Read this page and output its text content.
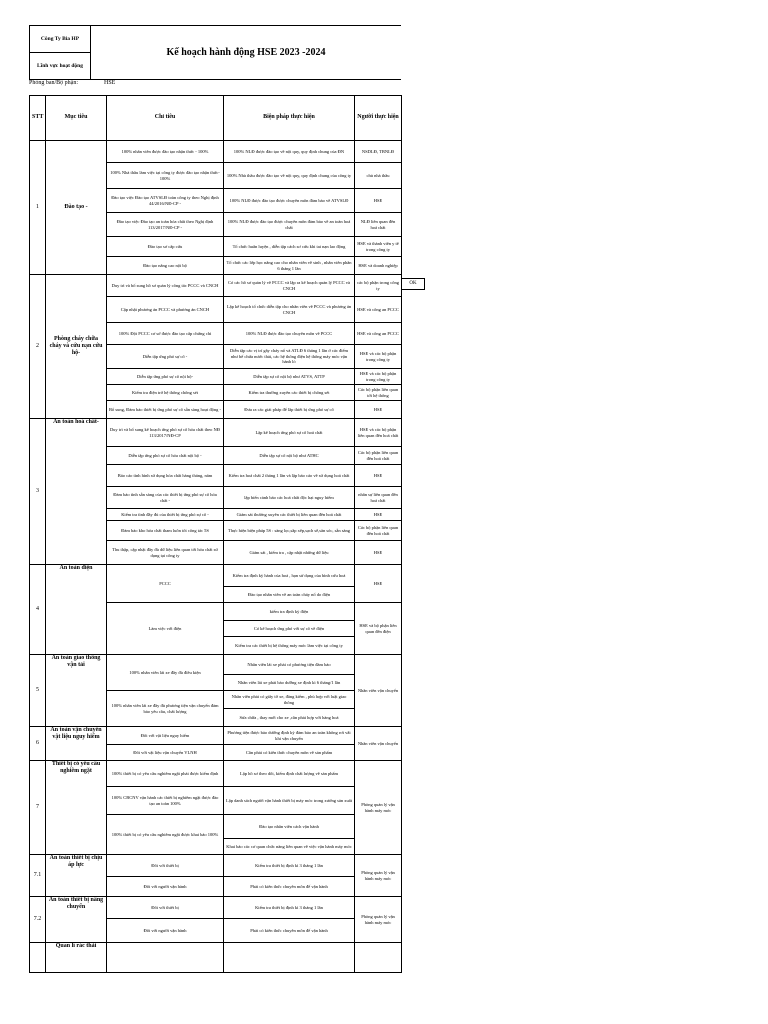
Công Ty Bia HP	Kế hoạch hành động HSE 2023 -2024
Lĩnh vực hoạt động
Phòng ban/Bộ phận:	HSE
STT	Mục tiêu	Chỉ tiêu	Biện pháp thực hiện	Người thực hiện
1	Đào tạo -	100% nhân viên được đào tạo nhận thức - 100%	100% NLĐ được đào tạo về nội quy, quy định chung của ĐN	NSDLĐ, TBNLĐ
		100% Nhà thầu làm việc tại công ty được đào tạo nhận thức- 100%	100% Nhà thầu được đào tạo về nội quy, quy định chung của công ty	chủ nhà thầu
		Đào tạo việc Đào tạo ATVSLĐ toàn công ty theo Nghị định 44/2016/NĐ-CP -	100% NLĐ được đào tạo được chuyên môn đảm bảo về ATVSLĐ	HSE
		Đào tạo việc Đào tạo an toàn hóa chất theo Nghị định 113/2017/NĐ-CP -	100% NLĐ được đào tạo được chuyên môn đảm bảo về an toàn hoá chất	NLĐ liên quan đến hoá chất
		Đào tạo sơ cấp cứu	Tổ chức huấn luyện , diễn tập cách sơ cứu khi tai nạn lao động	HSE và thành viên y tế trong công ty
		Đào tạo nâng cao nội bộ	Tổ chức các lớp học nâng cao cho nhân viên về sinh , nhân viên phân 6 tháng 1 lần	HSE và doanh nghiệp
2	Phòng cháy chữa cháy và cứu nạn cứu hộ-	Duy trì và bổ sung hồ sơ quản lý công tác PCCC và CNCH	Có các hồ sơ quản lý về PCCC và lập ra kế hoạch quản lý PCCC và CNCH	các bộ phận trong công ty
		Cập nhật phương án PCCC và phương án CNCH	Lập kế hoạch tổ chức diễn tập cho nhân viên về PCCC và phương án CNCH	HSE và công an PCCC
		100% Đội PCCC cơ sở được đào tạo cấp chứng chỉ	100% NLĐ được đào tạo chuyên môn về PCCC	HSE và công an PCCC
		Diễn tập ứng phó sự cố -	Diễn tập các vị trí gây cháy nổ và ATLĐ 6 tháng 1 lần ở các điểm như bể chứa nước thải, các hệ thống điện hệ thống máy móc vận hành lò	HSE và các bộ phận trong công ty
		Diễn tập ứng phó sự cố nội bộ-	Diễn tập sự cố nội bộ như ATVS, ATTP	HSE và các bộ phận trong công ty
		Kiểm tra điện trở hệ thống chống sét	Kiểm tra thường xuyên các thiết bị chống sét	Các bộ phận liên quan tới hệ thống
		Bổ sung, Đảm bảo thiết bị ứng phó sự cố sẵn sàng hoạt động -	Đưa ra các giải pháp để lắp thiết bị ứng phó sự cố	HSE
3	An toàn hoá chất-	Duy trì và bổ sung kế hoạch ứng phó sự cố hóa chất theo NĐ 113/2017/NĐ-CP	Lập kế hoạch ứng phó sự cố hoá chất	HSE và các bộ phận liên quan đến hoá chất
		Diễn tập ứng phó sự cố hóa chất nội bộ -	Diễn tập sự cố nội bộ như ATHC	Các bộ phận liên quan đến hoá chất
		Báo cáo tình hình sử dụng hóa chất hàng tháng, năm	Kiểm tra hoá chất 2 tháng 1 lần và lập báo cáo về sử dụng hoá chất	HSE
		Đảm bảo tình sẵn sàng của các thiết bị ứng phó sự cố hóa chất -	lập biển cảnh báo các hoá chất độc hại nguy hiểm	nhân sự liên quan đến hoá chất
		Kiểm tra tình đầy đủ của thiết bị ứng phó sự cố -	Giám sát thường xuyên các thiết bị liên quan đến hoá chất	HSE
		Đảm bảo kho hóa chất tham luôn tốt công tác 5S	Thực hiện biện pháp 5S : sàng lọc,sắp xếp,sạch sẽ,săn sóc, sẵn sàng	Các bộ phận liên quan đến hoá chất
		Thu thập, cập nhật đầy đủ dữ liệu liên quan tới hóa chất sử dụng tại công ty	Giám sát , kiểm tra , cập nhật những dữ liệu	HSE
4	An toàn điện	PCCC	Kiểm tra định kỳ hành của hoả , hạn sử dụng của bình cứu hoả	HSE
			Đào tạo nhân viên về an toàn cháy nổ do điện	
		Làm việc với điện	kiểm tra định kỳ điện	HSE và bộ phận liên quan đến điện
			Có kế hoạch ứng phó với sự cố về điện	
			Kiểm tra các thiết bị hệ thống máy móc làm việc tại công ty	
5	An toàn giao thông vận tải	100% nhân viên lái xe đầy đủ điều kiện	Nhân viên lái xe phải có phương tiện đảm bảo	Nhân viên vận chuyển
			Nhân viên lái xe phải bảo dưỡng xe định kì 6 tháng/1 lần	
		100% nhân viên lái xe đầy đủ phương tiện vận chuyển đảm bảo yêu cầu, chất lượng	Nhân viên phải có giấy tờ xe, đăng kiểm , phù hợp với luật giao thông	
			Sửa chữa , thay mới cho xe ,cần phải hợp với hàng hoá	
6	An toàn vận chuyển vật liệu nguy hiểm	Đối với vật liệu nguy hiểm	Phương tiện được bảo dưỡng định kỳ đảm bảo an toàn không rơi vãi khi vận chuyển	Nhân viên vận chuyển
		Đối với vật liệu vận chuyển VLNH	Cần phải có kiến thức chuyên môn về sản phẩm	
7	Thiết bị có yêu cầu nghiêm ngặt	100% thiết bị có yêu cầu nghiêm ngặt phải được kiểm định	Lập hồ sơ theo dõi, kiểm định chất lượng về sản phẩm	Phòng quản lý vận hành máy móc
		100% CBCNV vận hành các thiết bị nghiêm ngặt được đào tạo an toàn 100%	Lập danh sách người vận hành thiết bị máy móc trong xưởng sản xuất	
		100% thiết bị có yêu cầu nghiêm ngặt được khai báo 100%	Đào tạo nhân viên cách vận hành	
			Khai báo các cơ quan chức năng liên quan về việc vận hành máy móc	
7.1	An toàn thiết bị chịu áp lực	Đối với thiết bị	Kiểm tra thiết bị định kì 3 tháng 1 lần	Phòng quản lý vận hành máy móc
		Đối với người vận hành	Phải có kiến thức chuyên môn để vận hành	
7.2	An toàn thiết bị nâng chuyển	Đối với thiết bị	Kiểm tra thiết bị định kì 3 tháng 1 lần	Phòng quản lý vận hành máy móc
		Đối với người vận hành	Phải có kiến thức chuyên môn để vận hành	
	Quan lí rác thải			
OK
